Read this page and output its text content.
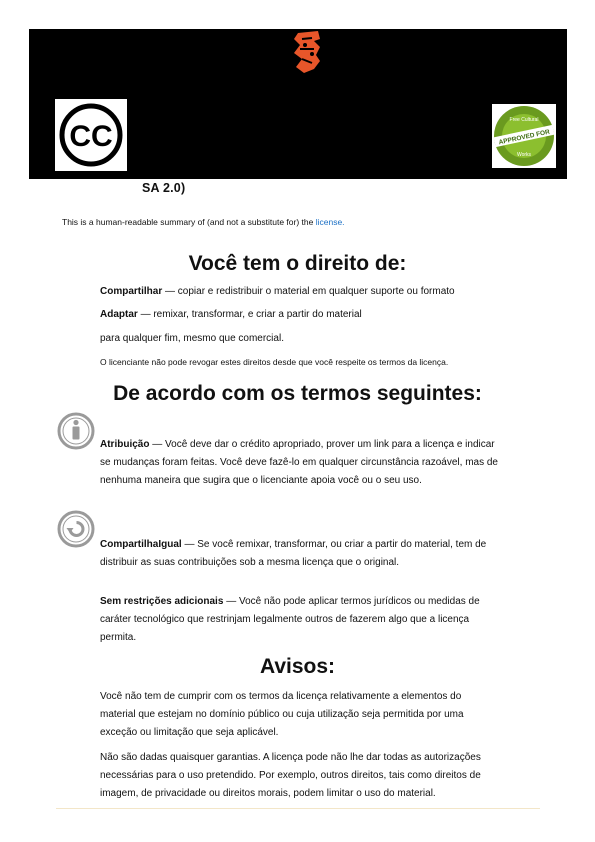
CC	Free Cultural
APPROVED FOR
Works
SA 2.0)
This is a human-readable summary of (and not a substitute for) the license.
Você tem o direito de:
Compartilhar — copiar e redistribuir o material em qualquer suporte ou formato
Adaptar — remixar, transformar, e criar a partir do material
para qualquer fim, mesmo que comercial.
O licenciante não pode revogar estes direitos desde que você respeite os termos da licença.
De acordo com os termos seguintes:
Atribuição — Você deve dar o crédito apropriado, prover um link para a licença e indicar
se mudanças foram feitas. Você deve fazê-lo em qualquer circunstância razoável, mas de
nenhuma maneira que sugira que o licenciante apoia você ou o seu uso.
CompartilhaIgual — Se você remixar, transformar, ou criar a partir do material, tem de
distribuir as suas contribuições sob a mesma licença que o original.
Sem restrições adicionais — Você não pode aplicar termos jurídicos ou medidas de
caráter tecnológico que restrinjam legalmente outros de fazerem algo que a licença
permita.
Avisos:
Você não tem de cumprir com os termos da licença relativamente a elementos do
material que estejam no domínio público ou cuja utilização seja permitida por uma
exceção ou limitação que seja aplicável.
Não são dadas quaisquer garantias. A licença pode não lhe dar todas as autorizações
necessárias para o uso pretendido. Por exemplo, outros direitos, tais como direitos de
imagem, de privacidade ou direitos morais, podem limitar o uso do material.
